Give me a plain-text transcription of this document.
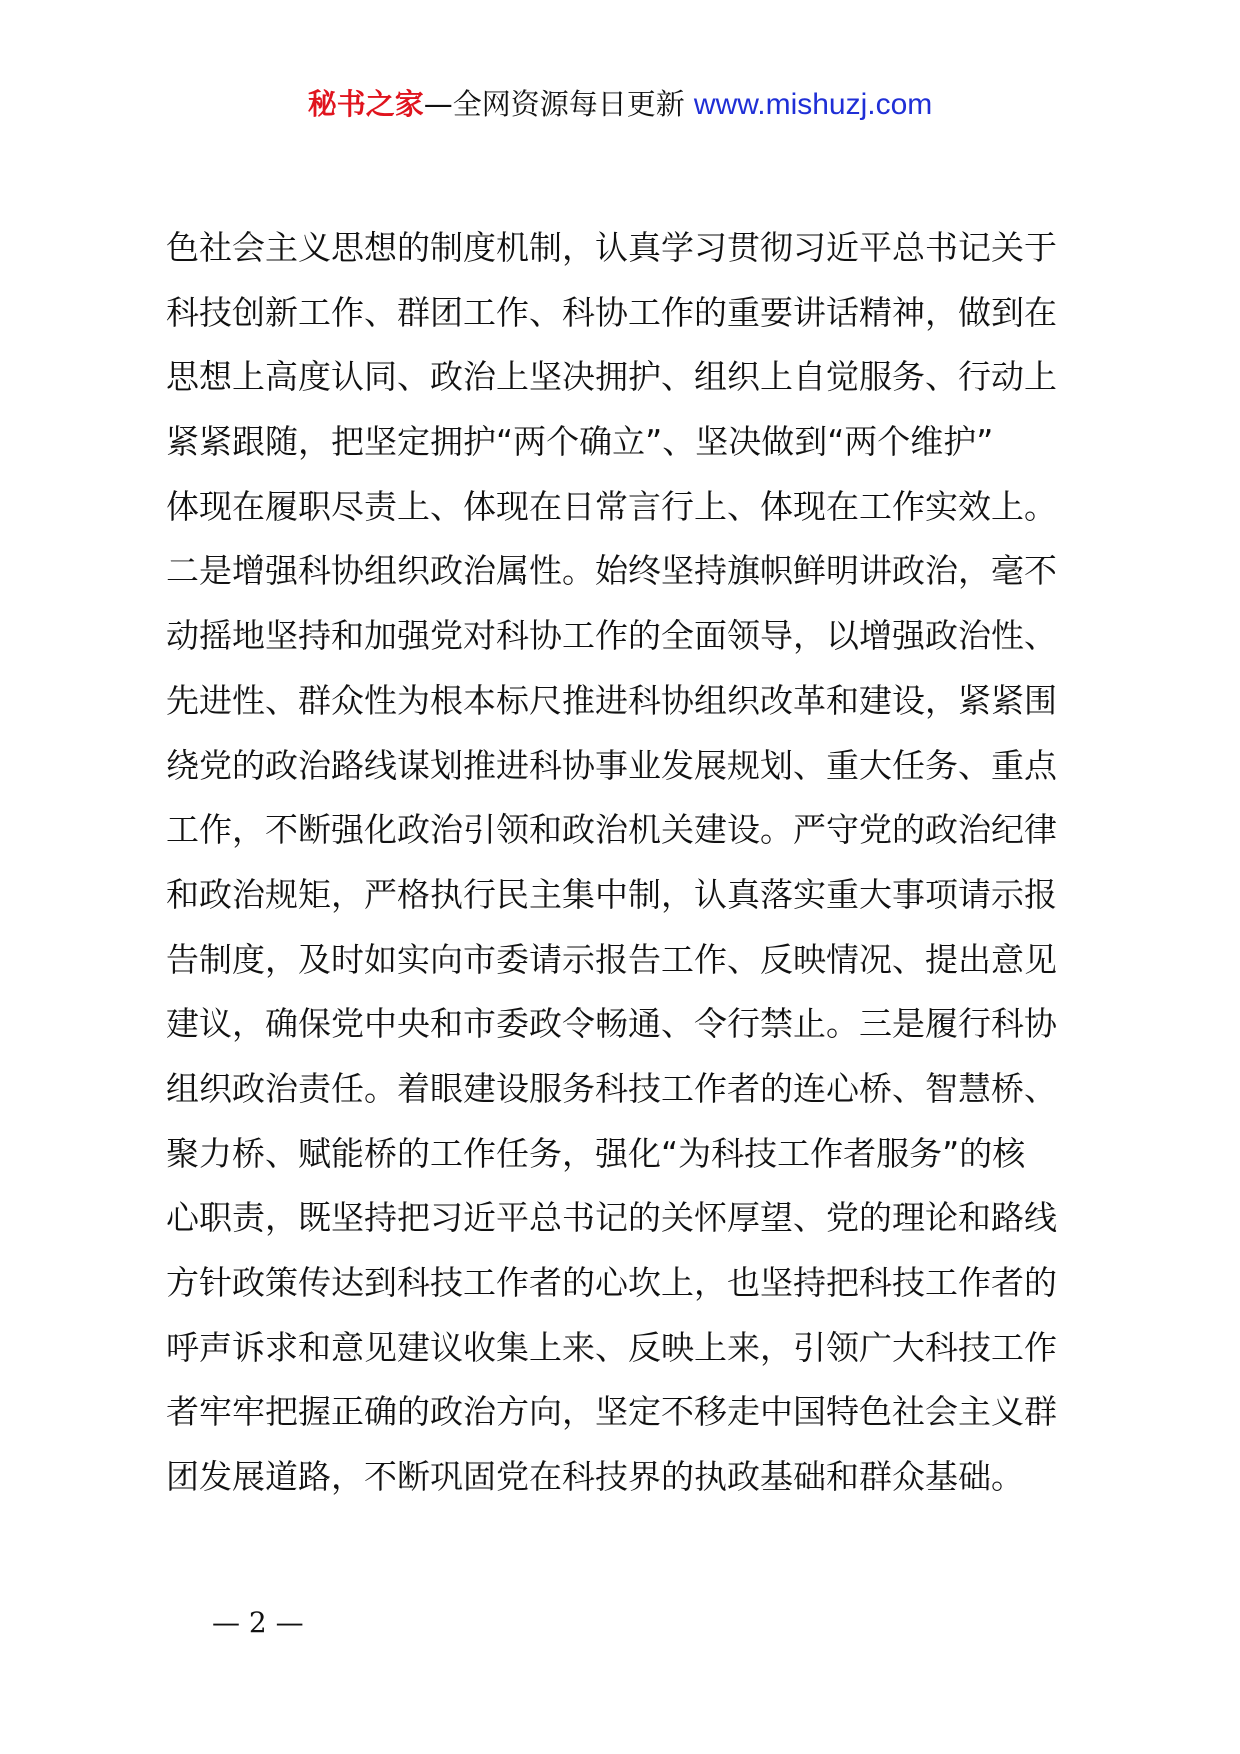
秘书之家—全网资源每日更新 www.mishuzj.com
色社会主义思想的制度机制，认真学习贯彻习近平总书记关于
科技创新工作、群团工作、科协工作的重要讲话精神，做到在
思想上高度认同、政治上坚决拥护、组织上自觉服务、行动上
紧紧跟随，把坚定拥护“两个确立”、坚决做到“两个维护”
体现在履职尽责上、体现在日常言行上、体现在工作实效上。
二是增强科协组织政治属性。始终坚持旗帜鲜明讲政治，毫不
动摇地坚持和加强党对科协工作的全面领导，以增强政治性、
先进性、群众性为根本标尺推进科协组织改革和建设，紧紧围
绕党的政治路线谋划推进科协事业发展规划、重大任务、重点
工作，不断强化政治引领和政治机关建设。严守党的政治纪律
和政治规矩，严格执行民主集中制，认真落实重大事项请示报
告制度，及时如实向市委请示报告工作、反映情况、提出意见
建议，确保党中央和市委政令畅通、令行禁止。三是履行科协
组织政治责任。着眼建设服务科技工作者的连心桥、智慧桥、
聚力桥、赋能桥的工作任务，强化“为科技工作者服务”的核
心职责，既坚持把习近平总书记的关怀厚望、党的理论和路线
方针政策传达到科技工作者的心坎上，也坚持把科技工作者的
呼声诉求和意见建议收集上来、反映上来，引领广大科技工作
者牢牢把握正确的政治方向，坚定不移走中国特色社会主义群
团发展道路，不断巩固党在科技界的执政基础和群众基础。
— 2 —
